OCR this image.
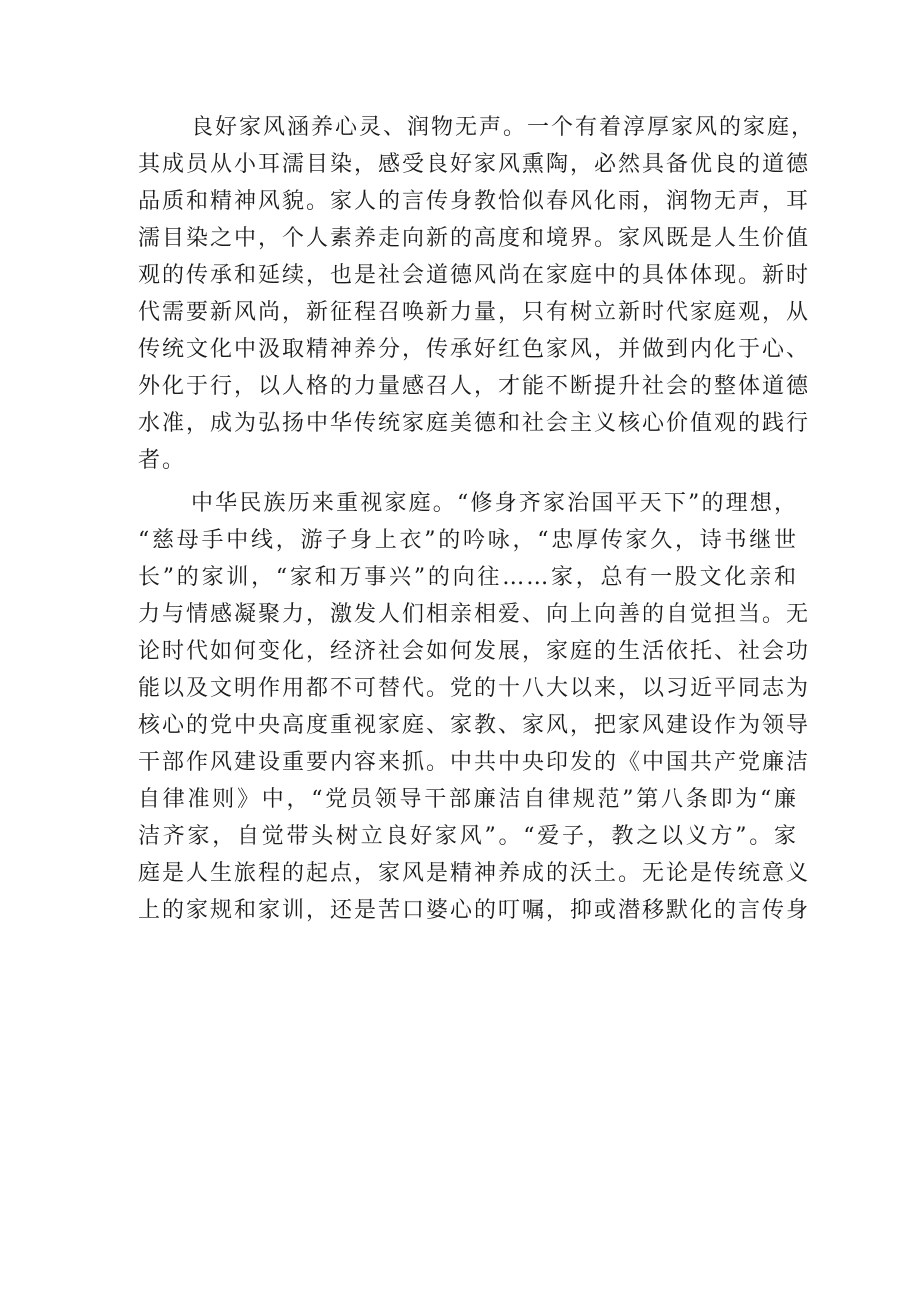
良好家风涵养心灵、润物无声。一个有着淳厚家风的家庭，
其成员从小耳濡目染，感受良好家风熏陶，必然具备优良的道德
品质和精神风貌。家人的言传身教恰似春风化雨，润物无声，耳
濡目染之中，个人素养走向新的高度和境界。家风既是人生价值
观的传承和延续，也是社会道德风尚在家庭中的具体体现。新时
代需要新风尚，新征程召唤新力量，只有树立新时代家庭观，从
传统文化中汲取精神养分，传承好红色家风，并做到内化于心、
外化于行，以人格的力量感召人，才能不断提升社会的整体道德
水准，成为弘扬中华传统家庭美德和社会主义核心价值观的践行
者。
中华民族历来重视家庭。“修身齐家治国平天下”的理想，
“慈母手中线，游子身上衣”的吟咏，“忠厚传家久，诗书继世
长”的家训，“家和万事兴”的向往……家，总有一股文化亲和
力与情感凝聚力，激发人们相亲相爱、向上向善的自觉担当。无
论时代如何变化，经济社会如何发展，家庭的生活依托、社会功
能以及文明作用都不可替代。党的十八大以来，以习近平同志为
核心的党中央高度重视家庭、家教、家风，把家风建设作为领导
干部作风建设重要内容来抓。中共中央印发的《中国共产党廉洁
自律准则》中，“党员领导干部廉洁自律规范”第八条即为“廉
洁齐家，自觉带头树立良好家风”。“爱子，教之以义方”。家
庭是人生旅程的起点，家风是精神养成的沃土。无论是传统意义
上的家规和家训，还是苦口婆心的叮嘱，抑或潜移默化的言传身
